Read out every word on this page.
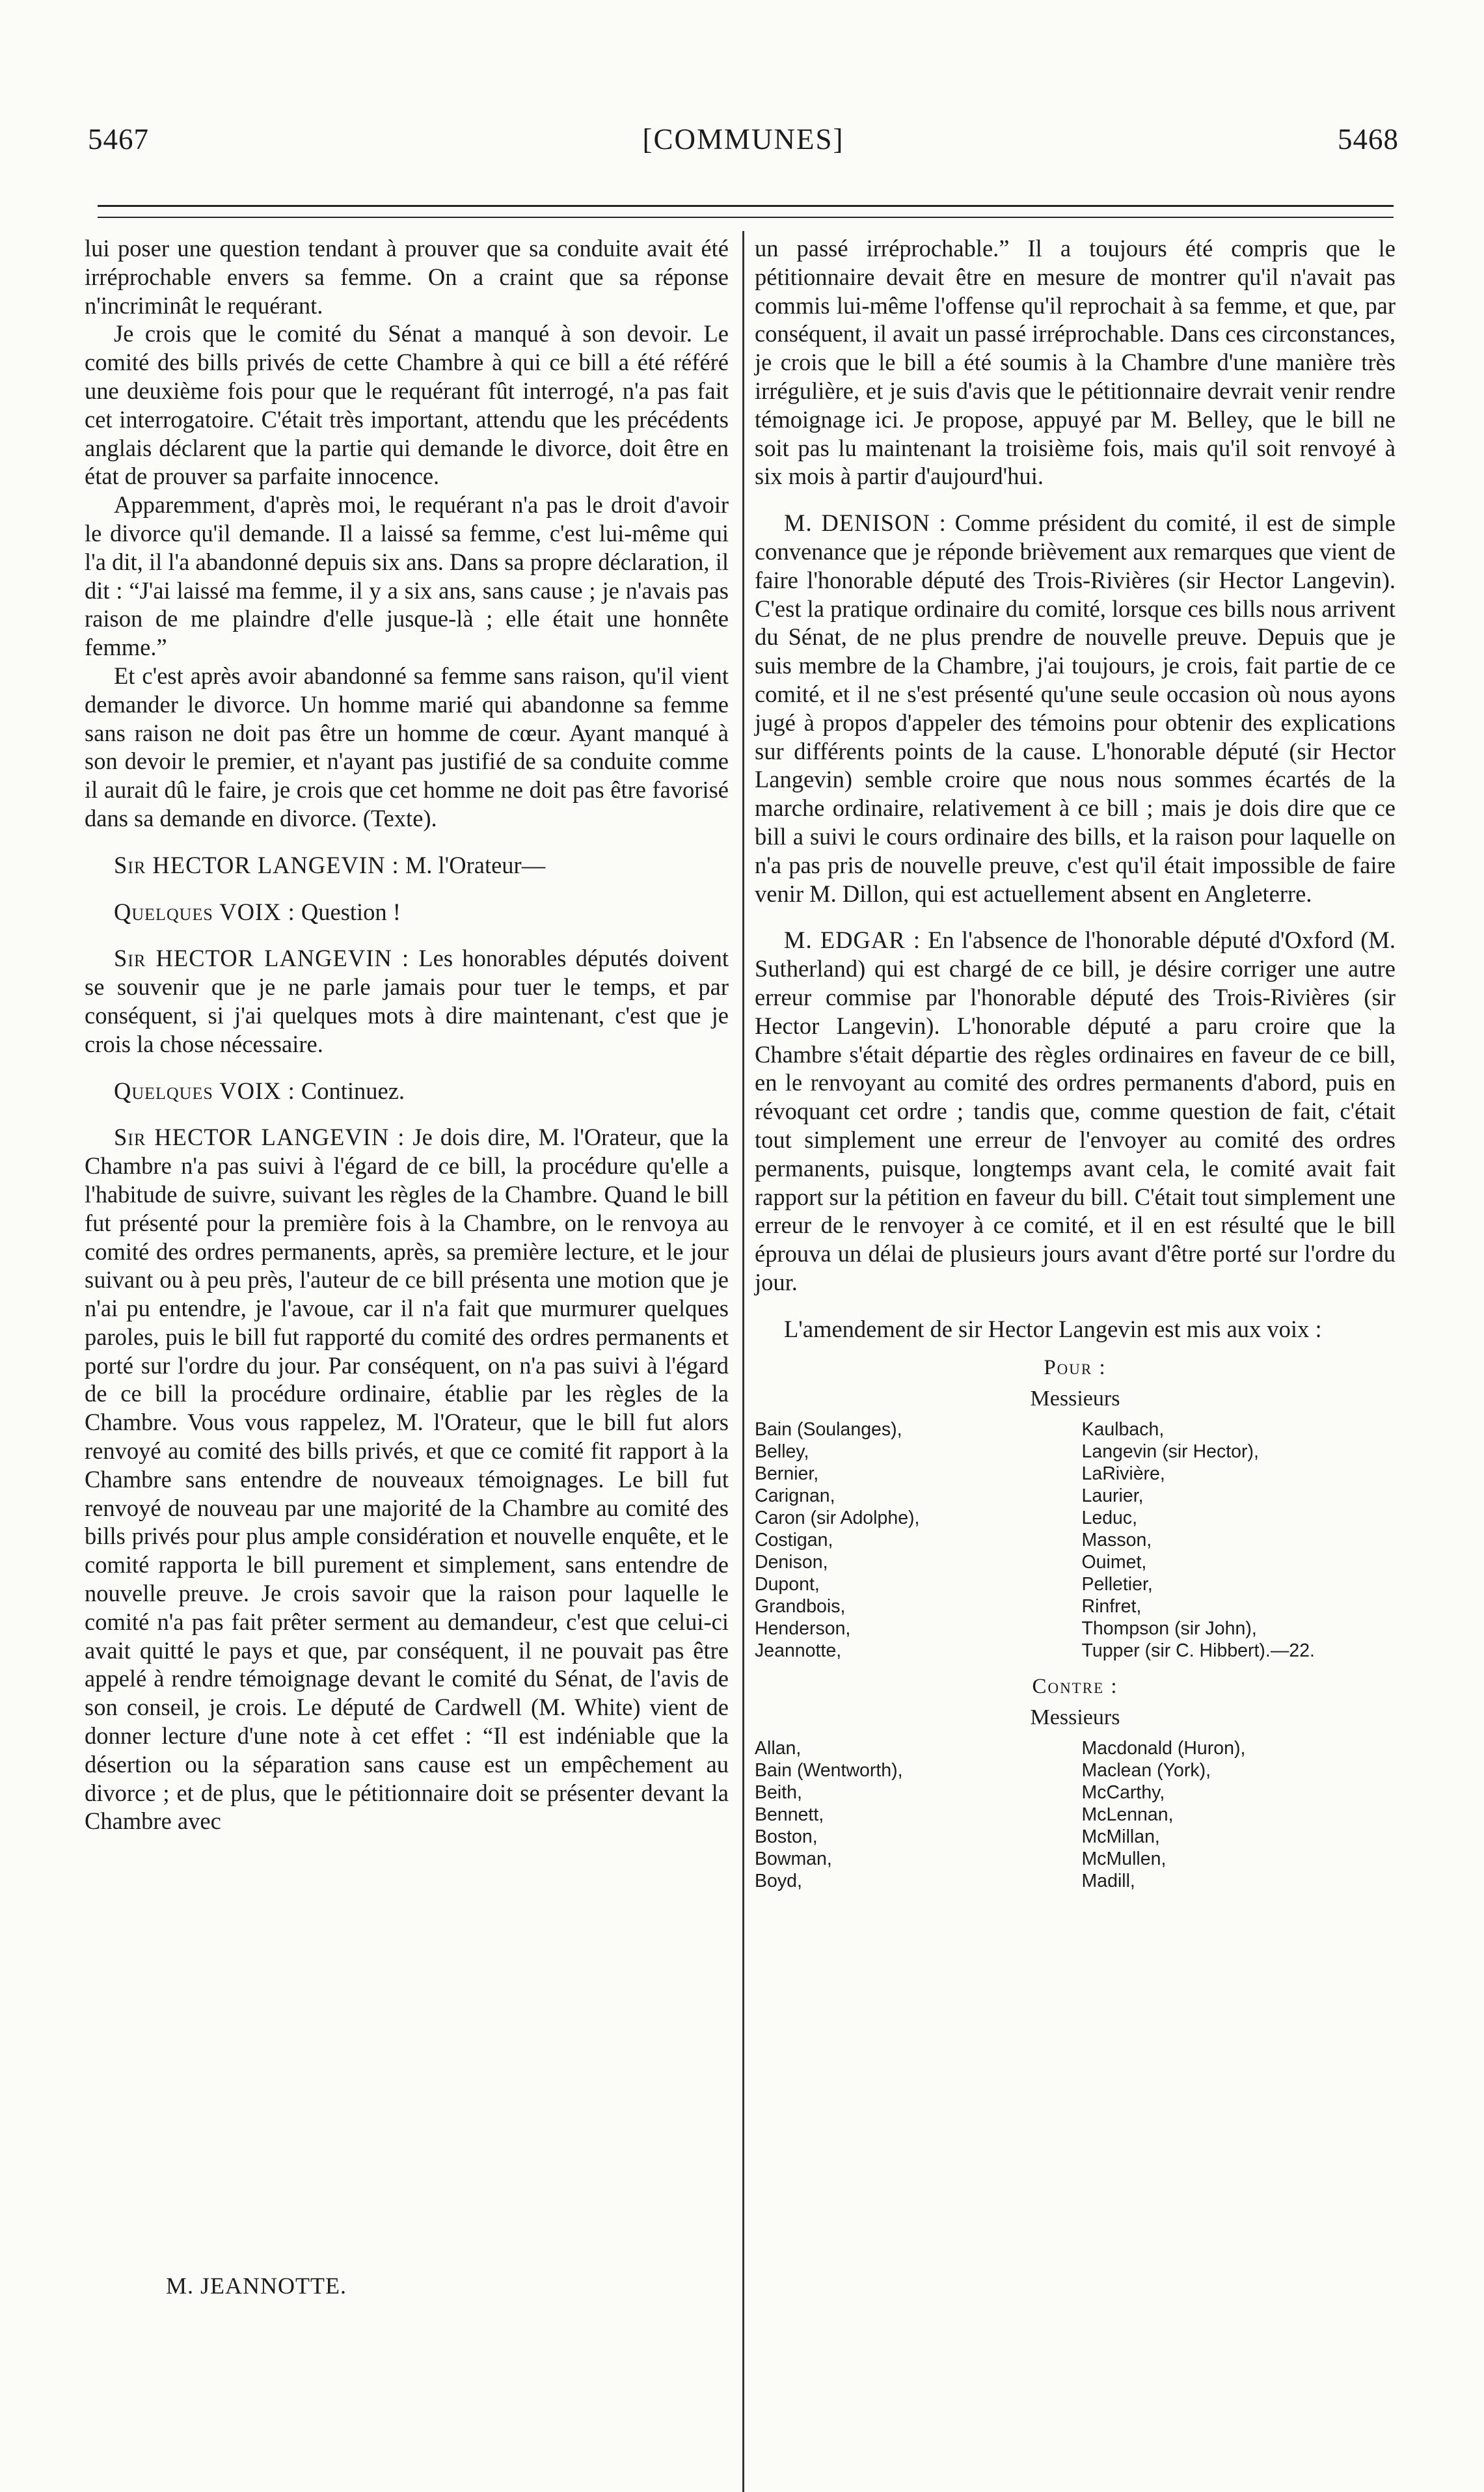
5467	[COMMUNES]	5468

lui poser une question tendant à prouver que sa conduite avait été irréprochable envers sa femme. On a craint que sa réponse n'incriminât le requérant.

Je crois que le comité du Sénat a manqué à son devoir. Le comité des bills privés de cette Chambre à qui ce bill a été référé une deuxième fois pour que le requérant fût interrogé, n'a pas fait cet interrogatoire. C'était très important, attendu que les précédents anglais déclarent que la partie qui demande le divorce, doit être en état de prouver sa parfaite innocence.

Apparemment, d'après moi, le requérant n'a pas le droit d'avoir le divorce qu'il demande. Il a laissé sa femme, c'est lui-même qui l'a dit, il l'a abandonné depuis six ans. Dans sa propre déclaration, il dit : “J'ai laissé ma femme, il y a six ans, sans cause ; je n'avais pas raison de me plaindre d'elle jusque-là ; elle était une honnête femme.”

Et c'est après avoir abandonné sa femme sans raison, qu'il vient demander le divorce. Un homme marié qui abandonne sa femme sans raison ne doit pas être un homme de cœur. Ayant manqué à son devoir le premier, et n'ayant pas justifié de sa conduite comme il aurait dû le faire, je crois que cet homme ne doit pas être favorisé dans sa demande en divorce. (Texte).

Sir HECTOR LANGEVIN : M. l'Orateur—

Quelques VOIX : Question !

Sir HECTOR LANGEVIN : Les honorables députés doivent se souvenir que je ne parle jamais pour tuer le temps, et par conséquent, si j'ai quelques mots à dire maintenant, c'est que je crois la chose nécessaire.

Quelques VOIX : Continuez.

Sir HECTOR LANGEVIN : Je dois dire, M. l'Orateur, que la Chambre n'a pas suivi à l'égard de ce bill, la procédure qu'elle a l'habitude de suivre, suivant les règles de la Chambre. Quand le bill fut présenté pour la première fois à la Chambre, on le renvoya au comité des ordres permanents, après, sa première lecture, et le jour suivant ou à peu près, l'auteur de ce bill présenta une motion que je n'ai pu entendre, je l'avoue, car il n'a fait que murmurer quelques paroles, puis le bill fut rapporté du comité des ordres permanents et porté sur l'ordre du jour. Par conséquent, on n'a pas suivi à l'égard de ce bill la procédure ordinaire, établie par les règles de la Chambre. Vous vous rappelez, M. l'Orateur, que le bill fut alors renvoyé au comité des bills privés, et que ce comité fit rapport à la Chambre sans entendre de nouveaux témoignages. Le bill fut renvoyé de nouveau par une majorité de la Chambre au comité des bills privés pour plus ample considération et nouvelle enquête, et le comité rapporta le bill purement et simplement, sans entendre de nouvelle preuve. Je crois savoir que la raison pour laquelle le comité n'a pas fait prêter serment au demandeur, c'est que celui-ci avait quitté le pays et que, par conséquent, il ne pouvait pas être appelé à rendre témoignage devant le comité du Sénat, de l'avis de son conseil, je crois. Le député de Cardwell (M. White) vient de donner lecture d'une note à cet effet : “Il est indéniable que la désertion ou la séparation sans cause est un empêchement au divorce ; et de plus, que le pétitionnaire doit se présenter devant la Chambre avec

M. JEANNOTTE.

un passé irréprochable.” Il a toujours été compris que le pétitionnaire devait être en mesure de montrer qu'il n'avait pas commis lui-même l'offense qu'il reprochait à sa femme, et que, par conséquent, il avait un passé irréprochable. Dans ces circonstances, je crois que le bill a été soumis à la Chambre d'une manière très irrégulière, et je suis d'avis que le pétitionnaire devrait venir rendre témoignage ici. Je propose, appuyé par M. Belley, que le bill ne soit pas lu maintenant la troisième fois, mais qu'il soit renvoyé à six mois à partir d'aujourd'hui.

M. DENISON : Comme président du comité, il est de simple convenance que je réponde brièvement aux remarques que vient de faire l'honorable député des Trois-Rivières (sir Hector Langevin). C'est la pratique ordinaire du comité, lorsque ces bills nous arrivent du Sénat, de ne plus prendre de nouvelle preuve. Depuis que je suis membre de la Chambre, j'ai toujours, je crois, fait partie de ce comité, et il ne s'est présenté qu'une seule occasion où nous ayons jugé à propos d'appeler des témoins pour obtenir des explications sur différents points de la cause. L'honorable député (sir Hector Langevin) semble croire que nous nous sommes écartés de la marche ordinaire, relativement à ce bill ; mais je dois dire que ce bill a suivi le cours ordinaire des bills, et la raison pour laquelle on n'a pas pris de nouvelle preuve, c'est qu'il était impossible de faire venir M. Dillon, qui est actuellement absent en Angleterre.

M. EDGAR : En l'absence de l'honorable député d'Oxford (M. Sutherland) qui est chargé de ce bill, je désire corriger une autre erreur commise par l'honorable député des Trois-Rivières (sir Hector Langevin). L'honorable député a paru croire que la Chambre s'était départie des règles ordinaires en faveur de ce bill, en le renvoyant au comité des ordres permanents d'abord, puis en révoquant cet ordre ; tandis que, comme question de fait, c'était tout simplement une erreur de l'envoyer au comité des ordres permanents, puisque, longtemps avant cela, le comité avait fait rapport sur la pétition en faveur du bill. C'était tout simplement une erreur de le renvoyer à ce comité, et il en est résulté que le bill éprouva un délai de plusieurs jours avant d'être porté sur l'ordre du jour.

L'amendement de sir Hector Langevin est mis aux voix :

Pour :
Messieurs
Bain (Soulanges),
Belley,
Bernier,
Carignan,
Caron (sir Adolphe),
Costigan,
Denison,
Dupont,
Grandbois,
Henderson,
Jeannotte,
Kaulbach,
Langevin (sir Hector),
LaRivière,
Laurier,
Leduc,
Masson,
Ouimet,
Pelletier,
Rinfret,
Thompson (sir John),
Tupper (sir C. Hibbert).—22.
Contre :
Messieurs
Allan,
Bain (Wentworth),
Beith,
Bennett,
Boston,
Bowman,
Boyd,
Macdonald (Huron),
Maclean (York),
McCarthy,
McLennan,
McMillan,
McMullen,
Madill,
